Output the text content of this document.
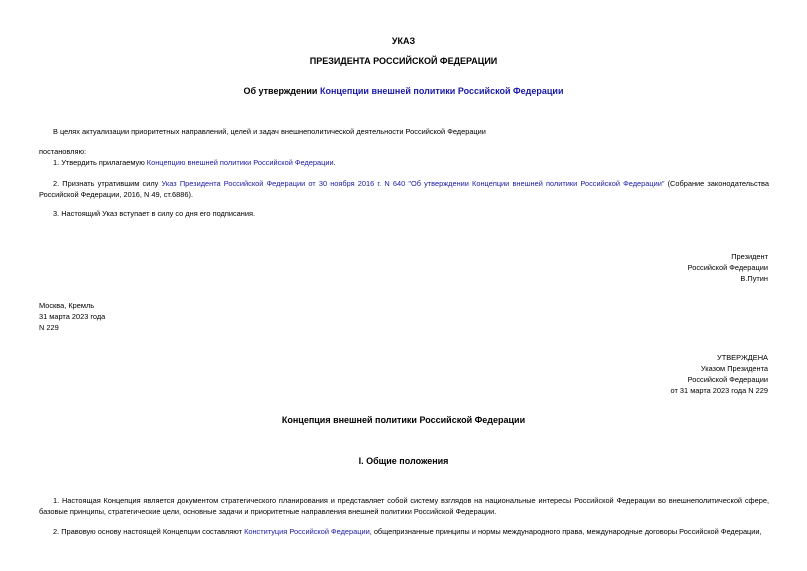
УКАЗ
ПРЕЗИДЕНТА РОССИЙСКОЙ ФЕДЕРАЦИИ
Об утверждении Концепции внешней политики Российской Федерации
В целях актуализации приоритетных направлений, целей и задач внешнеполитической деятельности Российской Федерации
постановляю:
1. Утвердить прилагаемую Концепцию внешней политики Российской Федерации.
2. Признать утратившим силу Указ Президента Российской Федерации от 30 ноября 2016 г. N 640 "Об утверждении Концепции внешней политики Российской Федерации" (Собрание законодательства Российской Федерации, 2016, N 49, ст.6886).
3. Настоящий Указ вступает в силу со дня его подписания.
Президент
Российской Федерации
В.Путин
Москва, Кремль
31 марта 2023 года
N 229
УТВЕРЖДЕНА
Указом Президента
Российской Федерации
от 31 марта 2023 года N 229
Концепция внешней политики Российской Федерации
I. Общие положения
1. Настоящая Концепция является документом стратегического планирования и представляет собой систему взглядов на национальные интересы Российской Федерации во внешнеполитической сфере, базовые принципы, стратегические цели, основные задачи и приоритетные направления внешней политики Российской Федерации.
2. Правовую основу настоящей Концепции составляют Конституция Российской Федерации, общепризнанные принципы и нормы международного права, международные договоры Российской Федерации,
